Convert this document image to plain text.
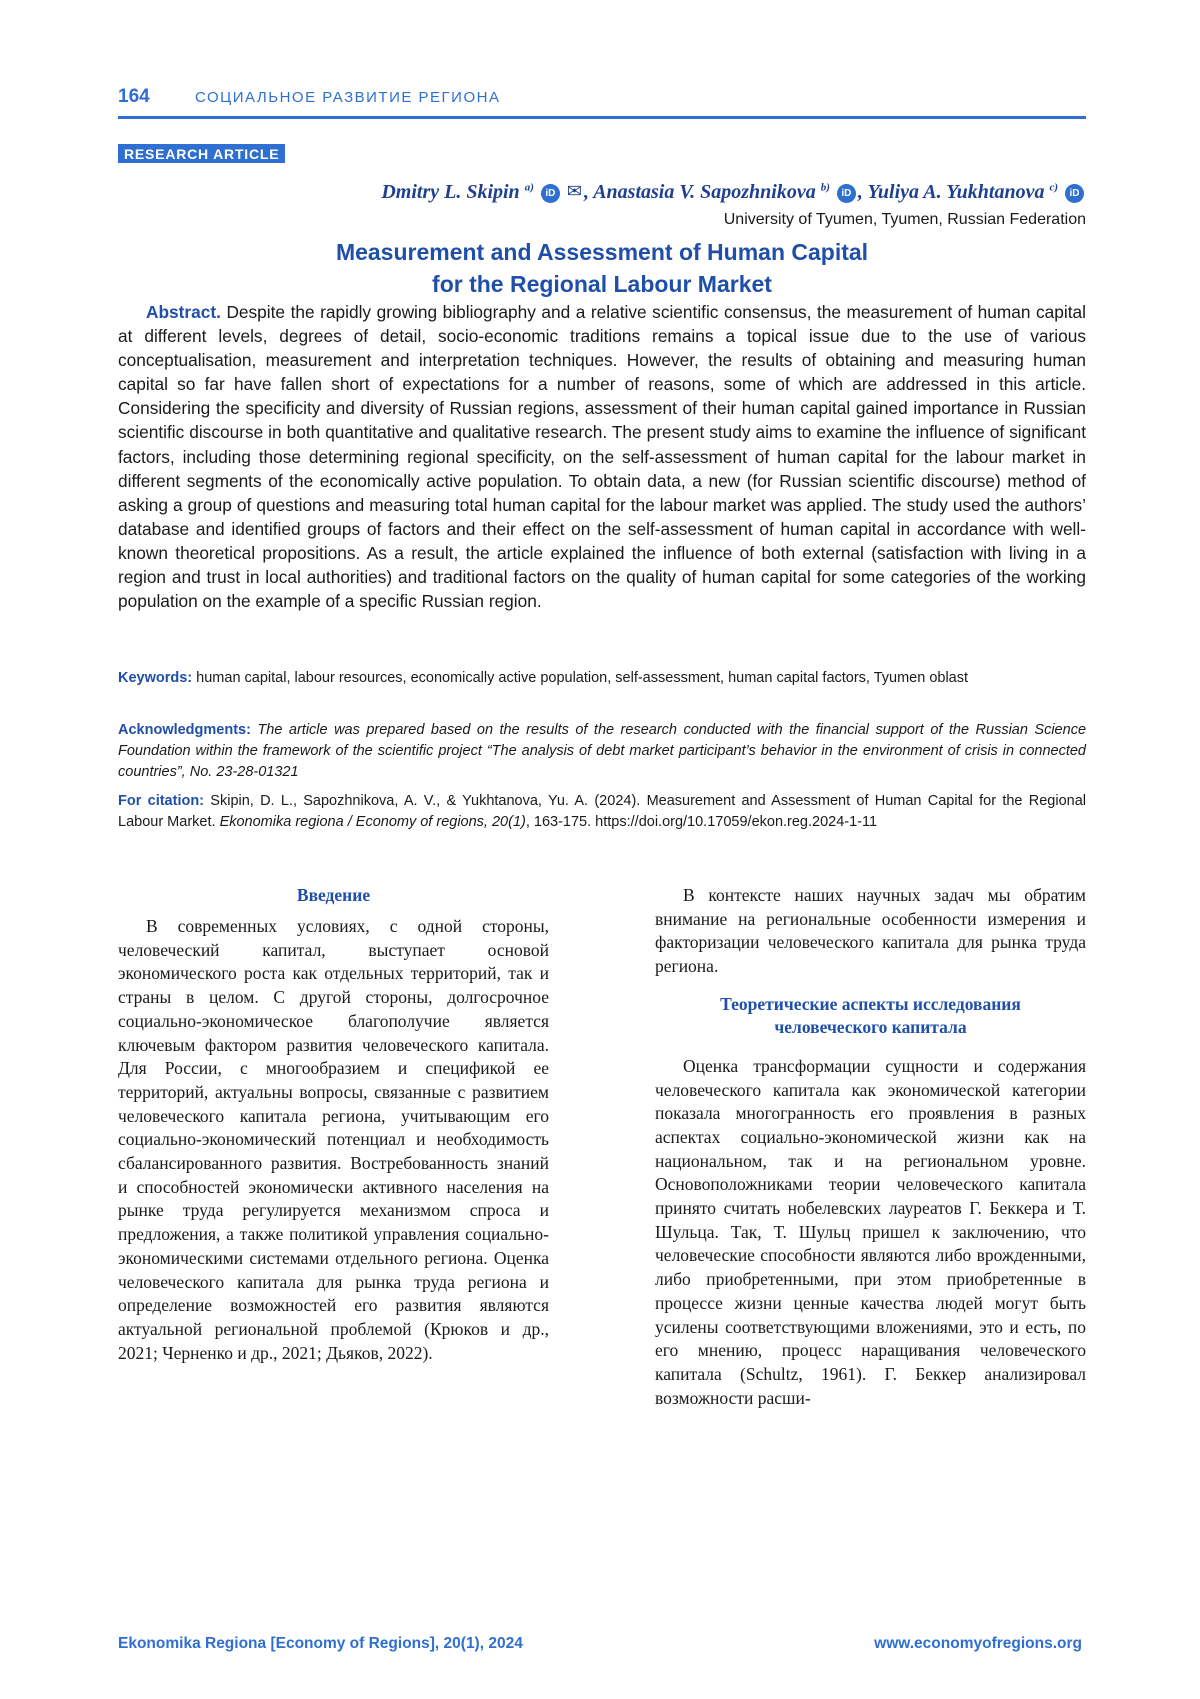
164	СОЦИАЛЬНОЕ РАЗВИТИЕ РЕГИОНА
RESEARCH ARTICLE
Dmitry L. Skipin $^{a)}$ iD ✉ , Anastasia V. Sapozhnikova $^{b)}$ iD , Yuliya A. Yukhtanova $^{c)}$ iD
University of Tyumen, Tyumen, Russian Federation
Measurement and Assessment of Human Capital
for the Regional Labour Market
Abstract. Despite the rapidly growing bibliography and a relative scientific consensus, the measurement of human capital at different levels, degrees of detail, socio-economic traditions remains a topical issue due to the use of various conceptualisation, measurement and interpretation techniques. However, the results of obtaining and measuring human capital so far have fallen short of expectations for a number of reasons, some of which are addressed in this article. Considering the specificity and diversity of Russian regions, assessment of their human capital gained importance in Russian scientific discourse in both quantitative and qualitative research. The present study aims to examine the influence of significant factors, including those determining regional specificity, on the self-assessment of human capital for the labour market in different segments of the economically active population. To obtain data, a new (for Russian scientific discourse) method of asking a group of questions and measuring total human capital for the labour market was applied. The study used the authors’ database and identified groups of factors and their effect on the self-assessment of human capital in accordance with well-known theoretical propositions. As a result, the article explained the influence of both external (satisfaction with living in a region and trust in local authorities) and traditional factors on the quality of human capital for some categories of the working population on the example of a specific Russian region.
Keywords: human capital, labour resources, economically active population, self-assessment, human capital factors, Tyumen oblast
Acknowledgments: The article was prepared based on the results of the research conducted with the financial support of the Russian Science Foundation within the framework of the scientific project “The analysis of debt market participant’s behavior in the environment of crisis in connected countries”, No. 23-28-01321
For citation: Skipin, D. L., Sapozhnikova, A. V., & Yukhtanova, Yu. A. (2024). Measurement and Assessment of Human Capital for the Regional Labour Market. Ekonomika regiona / Economy of regions, 20(1), 163-175. https://doi.org/10.17059/ekon.reg.2024-1-11
Введение

В современных условиях, с одной стороны, человеческий капитал, выступает основой экономического роста как отдельных территорий, так и страны в целом. С другой стороны, долгосрочное социально-экономическое благополучие является ключевым фактором развития человеческого капитала. Для России, с многообразием и спецификой ее территорий, актуальны вопросы, связанные с развитием человеческого капитала региона, учитывающим его социально-экономический потенциал и необходимость сбалансированного развития. Востребованность знаний и способностей экономически активного населения на рынке труда регулируется механизмом спроса и предложения, а также политикой управления социально-экономическими системами отдельного региона. Оценка человеческого капитала для рынка труда региона и определение возможностей его развития являются актуальной региональной проблемой (Крюков и др., 2021; Черненко и др., 2021; Дьяков, 2022).

В контексте наших научных задач мы обратим внимание на региональные особенности измерения и факторизации человеческого капитала для рынка труда региона.

Теоретические аспекты исследования
человеческого капитала

Оценка трансформации сущности и содержания человеческого капитала как экономической категории показала многогранность его проявления в разных аспектах социально-экономической жизни как на национальном, так и на региональном уровне. Основоположниками теории человеческого капитала принято считать нобелевских лауреатов Г. Беккера и Т. Шульца. Так, Т. Шульц пришел к заключению, что человеческие способности являются либо врожденными, либо приобретенными, при этом приобретенные в процессе жизни ценные качества людей могут быть усилены соответствующими вложениями, это и есть, по его мнению, процесс наращивания человеческого капитала (Schultz, 1961). Г. Беккер анализировал возможности расши-

Ekonomika Regiona [Economy of Regions], 20(1), 2024	www.economyofregions.org
